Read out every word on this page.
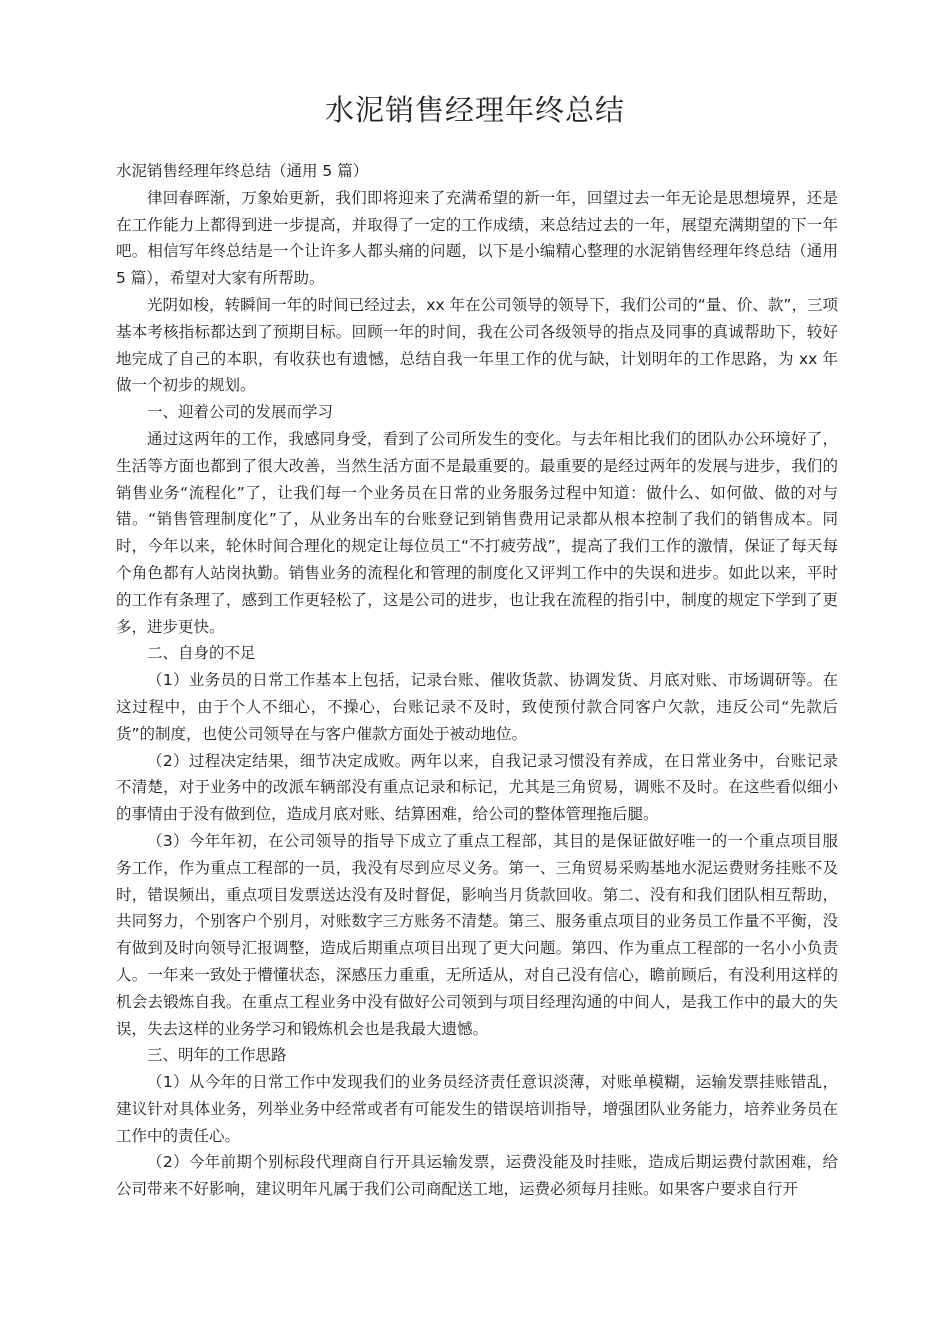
水泥销售经理年终总结

水泥销售经理年终总结（通用 5 篇）

律回春晖渐，万象始更新，我们即将迎来了充满希望的新一年，回望过去一年无论是思想境界，还是在工作能力上都得到进一步提高，并取得了一定的工作成绩，来总结过去的一年，展望充满期望的下一年吧。相信写年终总结是一个让许多人都头痛的问题，以下是小编精心整理的水泥销售经理年终总结（通用 5 篇），希望对大家有所帮助。

光阴如梭，转瞬间一年的时间已经过去，xx 年在公司领导的领导下，我们公司的“量、价、款”，三项基本考核指标都达到了预期目标。回顾一年的时间，我在公司各级领导的指点及同事的真诚帮助下，较好地完成了自己的本职，有收获也有遗憾，总结自我一年里工作的优与缺，计划明年的工作思路，为 xx 年做一个初步的规划。

一、迎着公司的发展而学习

通过这两年的工作，我感同身受，看到了公司所发生的变化。与去年相比我们的团队办公环境好了，生活等方面也都到了很大改善，当然生活方面不是最重要的。最重要的是经过两年的发展与进步，我们的销售业务“流程化”了，让我们每一个业务员在日常的业务服务过程中知道：做什么、如何做、做的对与错。“销售管理制度化”了，从业务出车的台账登记到销售费用记录都从根本控制了我们的销售成本。同时，今年以来，轮休时间合理化的规定让每位员工“不打疲劳战”，提高了我们工作的激情，保证了每天每个角色都有人站岗执勤。销售业务的流程化和管理的制度化又评判工作中的失误和进步。如此以来，平时的工作有条理了，感到工作更轻松了，这是公司的进步，也让我在流程的指引中，制度的规定下学到了更多，进步更快。

二、自身的不足

（1）业务员的日常工作基本上包括，记录台账、催收货款、协调发货、月底对账、市场调研等。在这过程中，由于个人不细心，不操心，台账记录不及时，致使预付款合同客户欠款，违反公司“先款后货”的制度，也使公司领导在与客户催款方面处于被动地位。

（2）过程决定结果，细节决定成败。两年以来，自我记录习惯没有养成，在日常业务中，台账记录不清楚，对于业务中的改派车辆部没有重点记录和标记，尤其是三角贸易，调账不及时。在这些看似细小的事情由于没有做到位，造成月底对账、结算困难，给公司的整体管理拖后腿。

（3）今年年初，在公司领导的指导下成立了重点工程部，其目的是保证做好唯一的一个重点项目服务工作，作为重点工程部的一员，我没有尽到应尽义务。第一、三角贸易采购基地水泥运费财务挂账不及时，错误频出，重点项目发票送达没有及时督促，影响当月货款回收。第二、没有和我们团队相互帮助，共同努力，个别客户个别月，对账数字三方账务不清楚。第三、服务重点项目的业务员工作量不平衡，没有做到及时向领导汇报调整，造成后期重点项目出现了更大问题。第四、作为重点工程部的一名小小负责人。一年来一致处于懵懂状态，深感压力重重，无所适从，对自己没有信心，瞻前顾后，有没利用这样的机会去锻炼自我。在重点工程业务中没有做好公司领到与项目经理沟通的中间人，是我工作中的最大的失误，失去这样的业务学习和锻炼机会也是我最大遗憾。

三、明年的工作思路

（1）从今年的日常工作中发现我们的业务员经济责任意识淡薄，对账单模糊，运输发票挂账错乱，建议针对具体业务，列举业务中经常或者有可能发生的错误培训指导，增强团队业务能力，培养业务员在工作中的责任心。

（2）今年前期个别标段代理商自行开具运输发票，运费没能及时挂账，造成后期运费付款困难，给公司带来不好影响，建议明年凡属于我们公司商配送工地，运费必须每月挂账。如果客户要求自行开
